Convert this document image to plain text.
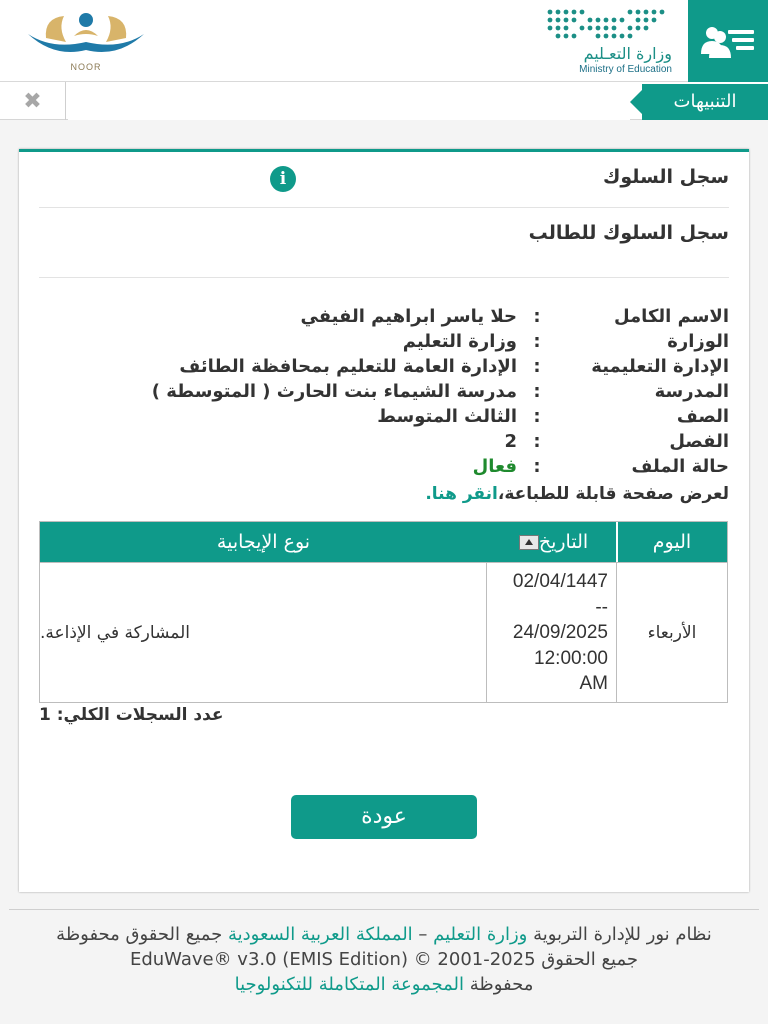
NOOR
وزارة التعـليم
Ministry of Education
✖	التنبيهات
سجل السلوك
i
سجل السلوك للطالب
الاسم الكامل
:
حلا ياسر ابراهيم الفيفي
الوزارة
:
وزارة التعليم
الإدارة التعليمية
:
الإدارة العامة للتعليم بمحافظة الطائف
المدرسة
:
مدرسة الشيماء بنت الحارث ( المتوسطة )
الصف
:
الثالث المتوسط
الفصل
:
2
حالة الملف
:
فعال
لعرض صفحة قابلة للطباعة،انقر هنا.
اليوم
التاريخ
نوع الإيجابية
الأربعاء
02/04/1447
--
24/09/2025
12:00:00
AM
المشاركة في الإذاعة.
عدد السجلات الكلي: 1
عودة
نظام نور للإدارة التربوية وزارة التعليم – المملكة العربية السعودية جميع الحقوق محفوظة
جميع الحقوق EduWave® v3.0 (EMIS Edition) © 2001-2025
محفوظة المجموعة المتكاملة للتكنولوجيا
